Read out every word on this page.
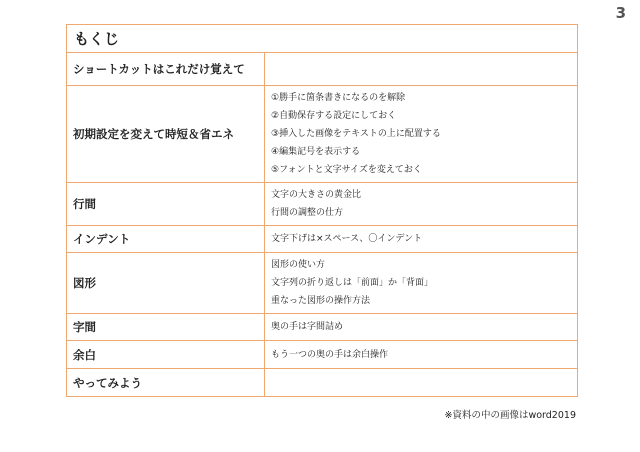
3
もくじ	
ショートカットはこれだけ覚えて	
初期設定を変えて時短＆省エネ	①勝手に箇条書きになるのを解除
②自動保存する設定にしておく
③挿入した画像をテキストの上に配置する
④編集記号を表示する
⑤フォントと文字サイズを変えておく

行間	文字の大きさの黄金比
行間の調整の仕方

インデント	文字下げは×スペース、〇インデント

図形	図形の使い方
文字列の折り返しは「前面」か「背面」
重なった図形の操作方法

字間	奥の手は字間詰め

余白	もう一つの奥の手は余白操作

やってみよう	
※資料の中の画像はword2019
